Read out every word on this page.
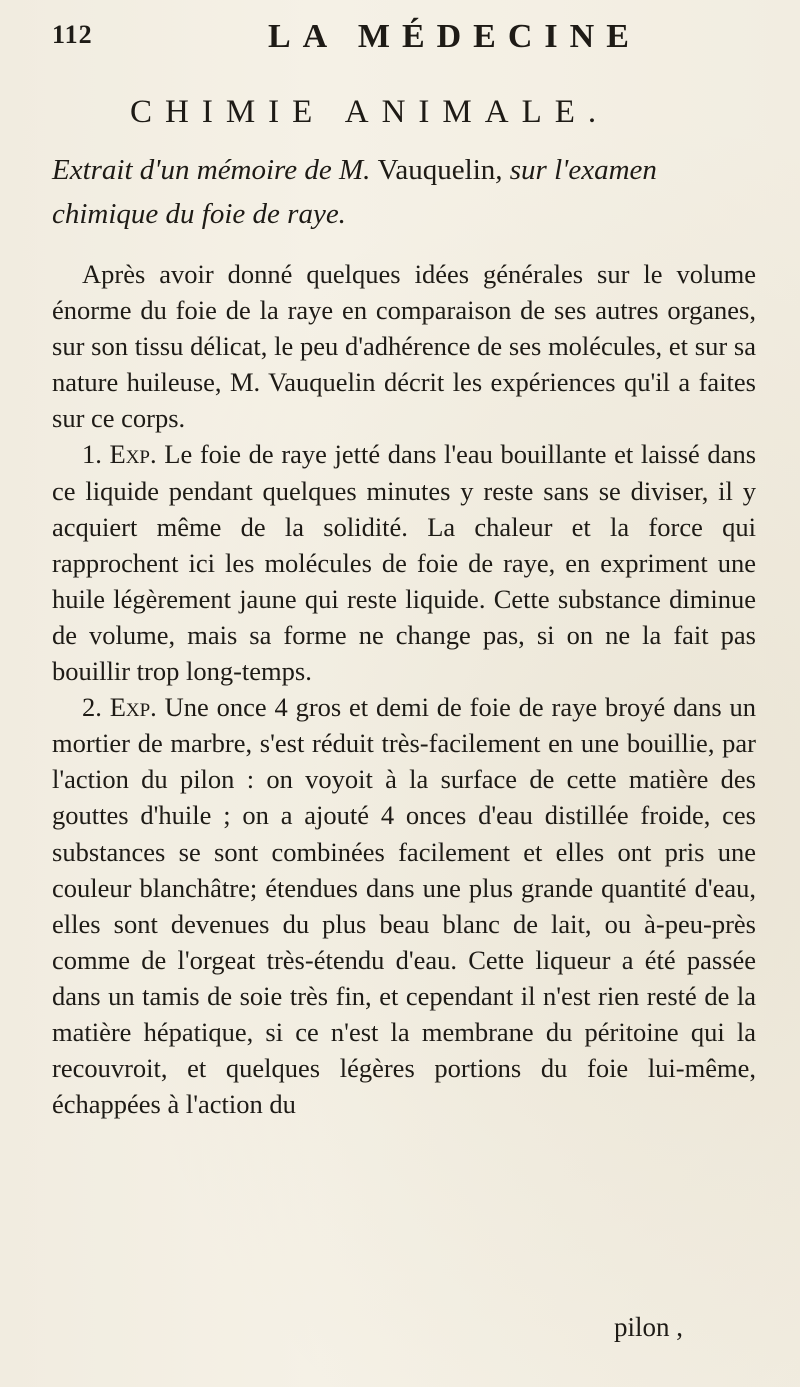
112	LA MÉDECINE
CHIMIE ANIMALE.
Extrait d'un mémoire de M. Vauquelin, sur l'examen chimique du foie de raye.

Après avoir donné quelques idées générales sur le volume énorme du foie de la raye en comparaison de ses autres organes, sur son tissu délicat, le peu d'adhérence de ses molécules, et sur sa nature huileuse, M. Vauquelin décrit les expériences qu'il a faites sur ce corps.

1. Exp. Le foie de raye jetté dans l'eau bouillante et laissé dans ce liquide pendant quelques minutes y reste sans se diviser, il y acquiert même de la solidité. La chaleur et la force qui rapprochent ici les molécules de foie de raye, en expriment une huile légèrement jaune qui reste liquide. Cette substance diminue de volume, mais sa forme ne change pas, si on ne la fait pas bouillir trop long-temps.

2. Exp. Une once 4 gros et demi de foie de raye broyé dans un mortier de marbre, s'est réduit très-facilement en une bouillie, par l'action du pilon : on voyoit à la surface de cette matière des gouttes d'huile ; on a ajouté 4 onces d'eau distillée froide, ces substances se sont combinées facilement et elles ont pris une couleur blanchâtre; étendues dans une plus grande quantité d'eau, elles sont devenues du plus beau blanc de lait, ou à-peu-près comme de l'orgeat très-étendu d'eau. Cette liqueur a été passée dans un tamis de soie très fin, et cependant il n'est rien resté de la matière hépatique, si ce n'est la membrane du péritoine qui la recouvroit, et quelques légères portions du foie lui-même, échappées à l'action du

pilon ,
